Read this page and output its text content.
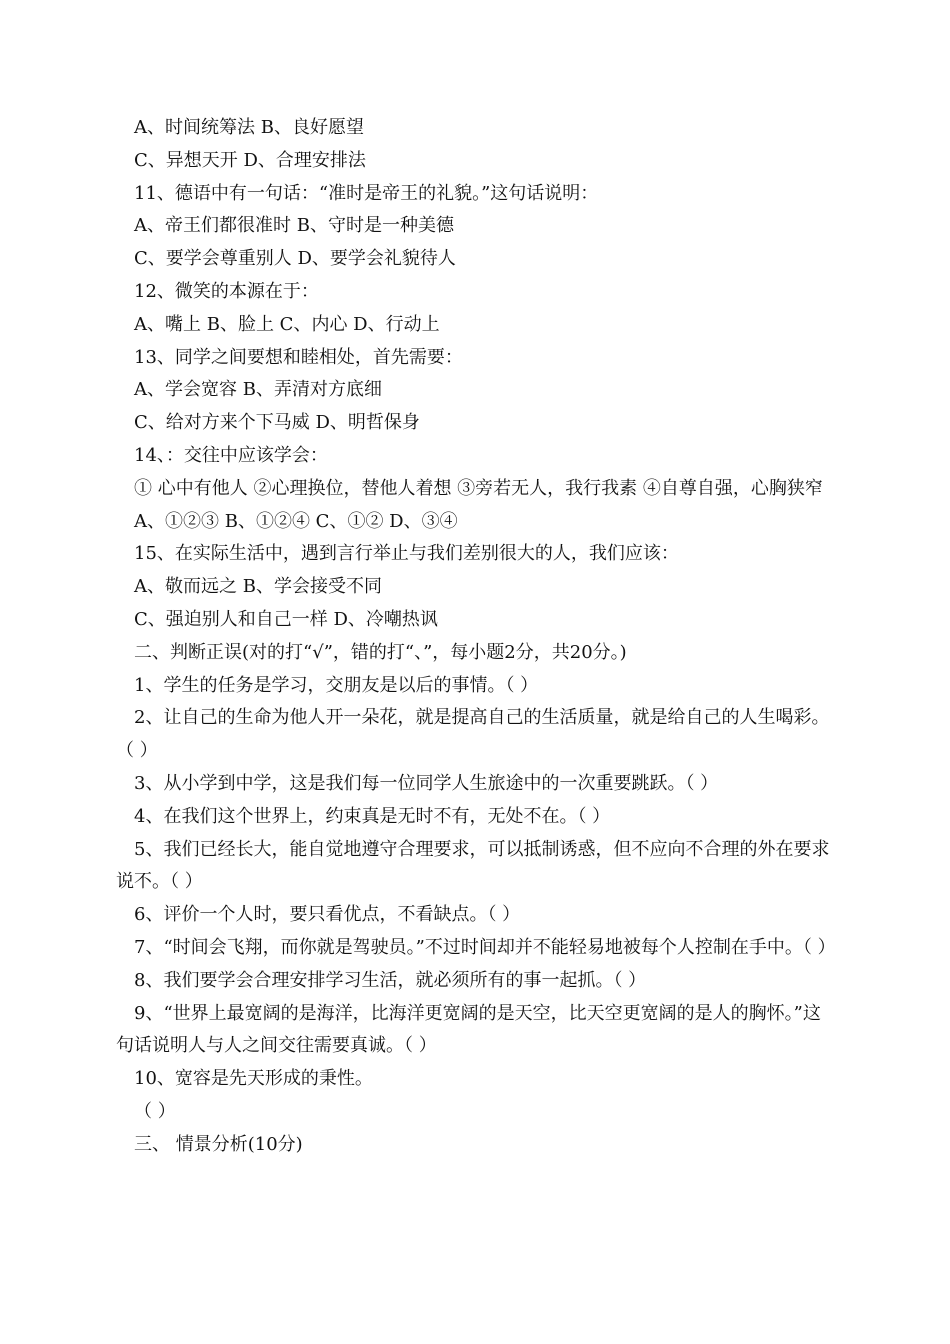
A、时间统筹法 B、良好愿望

C、异想天开 D、合理安排法

11、德语中有一句话：“准时是帝王的礼貌。”这句话说明：

A、帝王们都很准时 B、守时是一种美德

C、要学会尊重别人 D、要学会礼貌待人

12、微笑的本源在于：

A、嘴上 B、脸上 C、内心 D、行动上

13、同学之间要想和睦相处，首先需要：

A、学会宽容 B、弄清对方底细

C、给对方来个下马威 D、明哲保身

14、：交往中应该学会：

① 心中有他人 ②心理换位，替他人着想 ③旁若无人，我行我素 ④自尊自强，心胸狭窄

A、①②③ B、①②④ C、①② D、③④

15、在实际生活中，遇到言行举止与我们差别很大的人，我们应该：

A、敬而远之 B、学会接受不同

C、强迫别人和自己一样 D、冷嘲热讽

二、判断正误(对的打“√”，错的打“、”，每小题2分，共20分。)

1、学生的任务是学习，交朋友是以后的事情。（ ）

2、让自己的生命为他人开一朵花，就是提高自己的生活质量，就是给自己的人生喝彩。（ ）

3、从小学到中学，这是我们每一位同学人生旅途中的一次重要跳跃。（ ）

4、在我们这个世界上，约束真是无时不有，无处不在。（ ）

5、我们已经长大，能自觉地遵守合理要求，可以抵制诱惑，但不应向不合理的外在要求说不。（ ）

6、评价一个人时，要只看优点，不看缺点。（ ）

7、“时间会飞翔，而你就是驾驶员。”不过时间却并不能轻易地被每个人控制在手中。（ ）

8、我们要学会合理安排学习生活，就必须所有的事一起抓。（ ）

9、“世界上最宽阔的是海洋，比海洋更宽阔的是天空，比天空更宽阔的是人的胸怀。”这句话说明人与人之间交往需要真诚。（ ）

10、宽容是先天形成的秉性。

（ ）

三、 情景分析(10分)
